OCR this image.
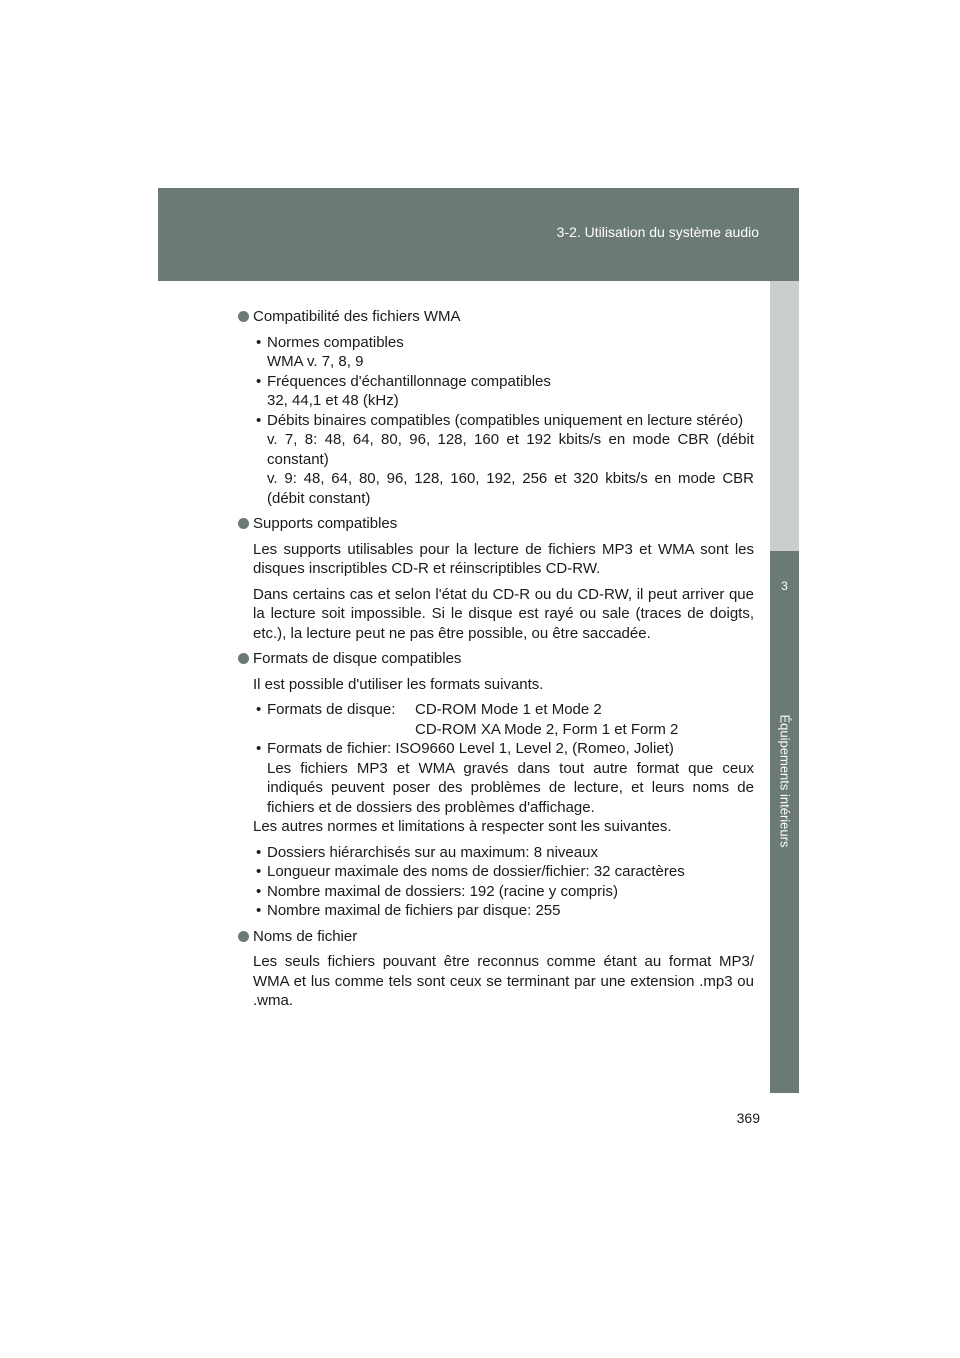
3-2. Utilisation du système audio
3
Équipements intérieurs
Compatibilité des fichiers WMA
• Normes compatibles
WMA v. 7, 8, 9
• Fréquences d'échantillonnage compatibles
32, 44,1 et 48 (kHz)
• Débits binaires compatibles (compatibles uniquement en lecture stéréo)
v. 7, 8: 48, 64, 80, 96, 128, 160 et 192 kbits/s en mode CBR (débit constant)
v. 9: 48, 64, 80, 96, 128, 160, 192, 256 et 320 kbits/s en mode CBR (débit constant)
Supports compatibles
Les supports utilisables pour la lecture de fichiers MP3 et WMA sont les disques inscriptibles CD-R et réinscriptibles CD-RW.
Dans certains cas et selon l'état du CD-R ou du CD-RW, il peut arriver que la lecture soit impossible. Si le disque est rayé ou sale (traces de doigts, etc.), la lecture peut ne pas être possible, ou être saccadée.
Formats de disque compatibles
Il est possible d'utiliser les formats suivants.
• Formats de disque:	CD-ROM Mode 1 et Mode 2
CD-ROM XA Mode 2, Form 1 et Form 2
• Formats de fichier: ISO9660 Level 1, Level 2, (Romeo, Joliet)
Les fichiers MP3 et WMA gravés dans tout autre format que ceux indiqués peuvent poser des problèmes de lecture, et leurs noms de fichiers et de dossiers des problèmes d'affichage.
Les autres normes et limitations à respecter sont les suivantes.
• Dossiers hiérarchisés sur au maximum: 8 niveaux
• Longueur maximale des noms de dossier/fichier: 32 caractères
• Nombre maximal de dossiers: 192 (racine y compris)
• Nombre maximal de fichiers par disque: 255
Noms de fichier
Les seuls fichiers pouvant être reconnus comme étant au format MP3/ WMA et lus comme tels sont ceux se terminant par une extension .mp3 ou .wma.
369
